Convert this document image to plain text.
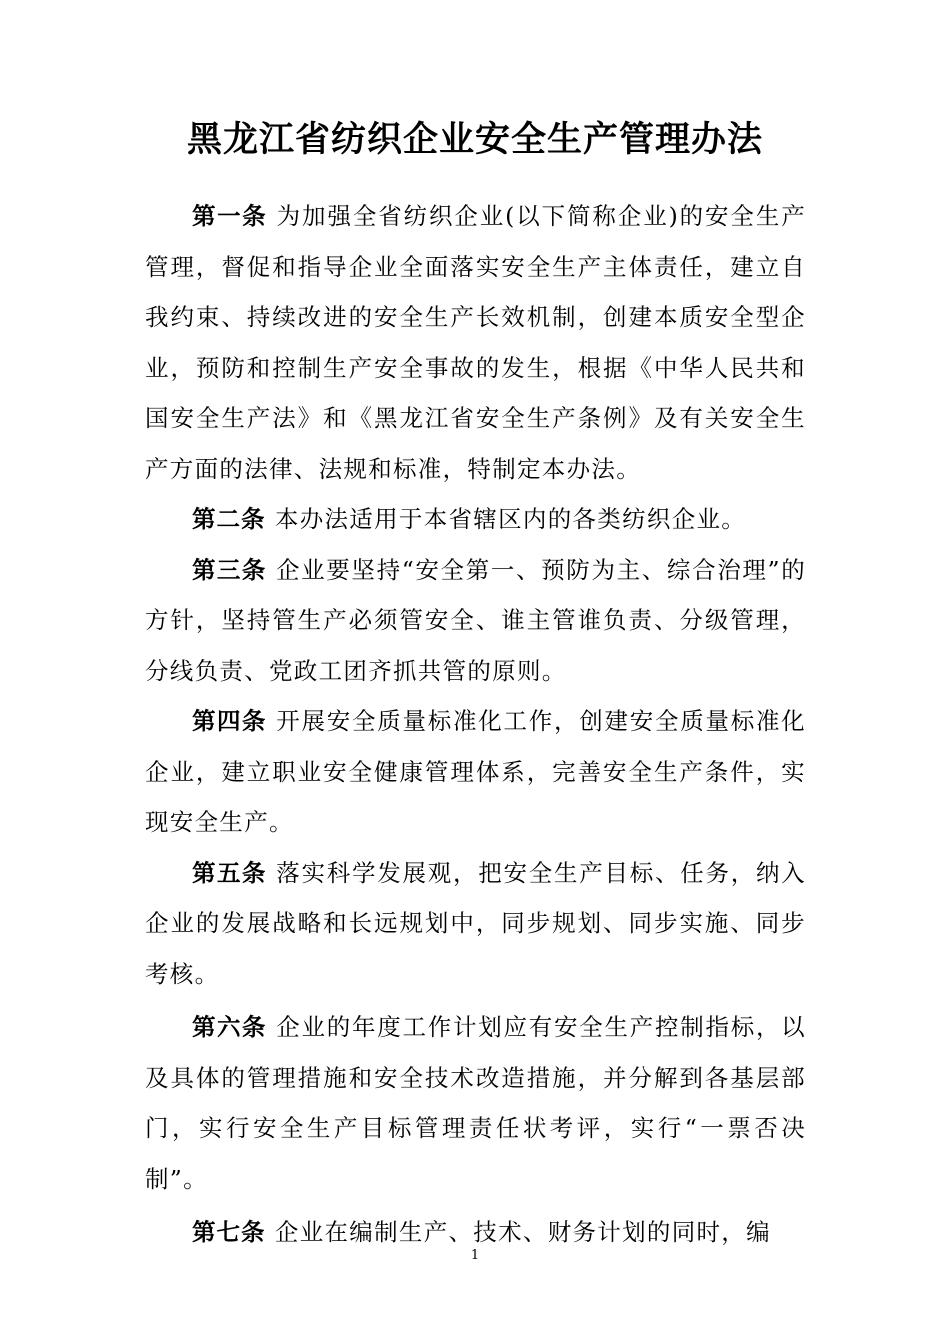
黑龙江省纺织企业安全生产管理办法

第一条 为加强全省纺织企业(以下简称企业)的安全生产管理，督促和指导企业全面落实安全生产主体责任，建立自我约束、持续改进的安全生产长效机制，创建本质安全型企业，预防和控制生产安全事故的发生，根据《中华人民共和国安全生产法》和《黑龙江省安全生产条例》及有关安全生产方面的法律、法规和标准，特制定本办法。

第二条 本办法适用于本省辖区内的各类纺织企业。

第三条 企业要坚持“安全第一、预防为主、综合治理”的方针，坚持管生产必须管安全、谁主管谁负责、分级管理，分线负责、党政工团齐抓共管的原则。

第四条 开展安全质量标准化工作，创建安全质量标准化企业，建立职业安全健康管理体系，完善安全生产条件，实现安全生产。

第五条 落实科学发展观，把安全生产目标、任务，纳入企业的发展战略和长远规划中，同步规划、同步实施、同步考核。

第六条 企业的年度工作计划应有安全生产控制指标，以及具体的管理措施和安全技术改造措施，并分解到各基层部门，实行安全生产目标管理责任状考评，实行“一票否决制”。

第七条 企业在编制生产、技术、财务计划的同时，编

1
